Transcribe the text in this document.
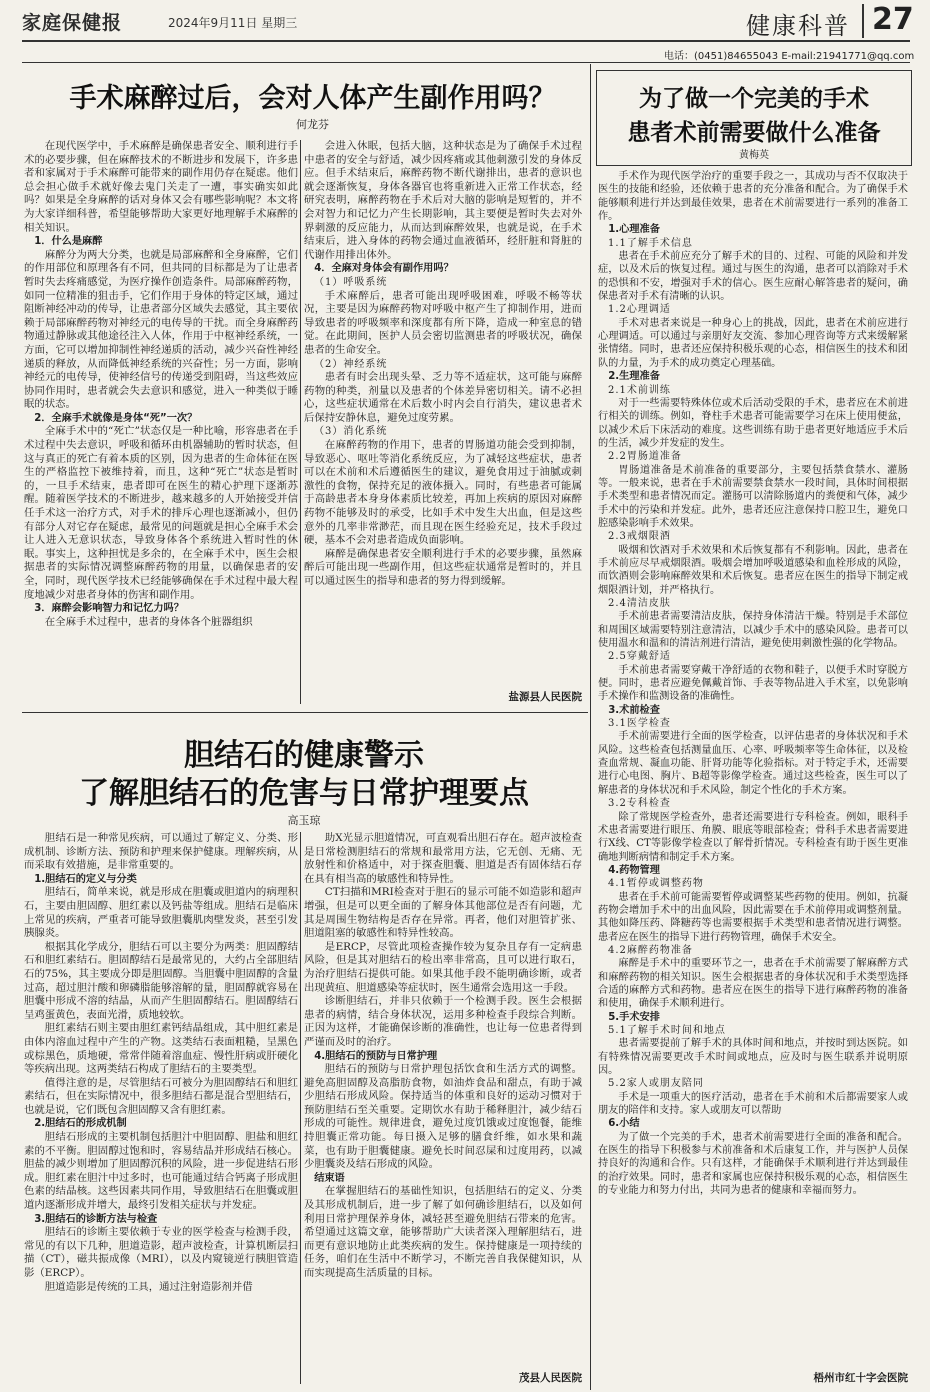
家庭保健报	2024年9月11日 星期三	健康科普 27
电话：(0451)84655043 E-mail:21941771@qq.com
手术麻醉过后，会对人体产生副作用吗？
何龙芬

在现代医学中，手术麻醉是确保患者安全、顺利进行手术的必要步骤，但在麻醉技术的不断进步和发展下，许多患者和家属对于手术麻醉可能带来的副作用仍存在疑虑。他们总会担心做手术就好像去鬼门关走了一遭，事实确实如此吗？如果是全身麻醉的话对身体又会有哪些影响呢？本文将为大家详细科普，希望能够帮助大家更好地理解手术麻醉的相关知识。

1．什么是麻醉

麻醉分为两大分类，也就是局部麻醉和全身麻醉，它们的作用部位和原理各有不同，但共同的目标都是为了让患者暂时失去疼痛感觉，为医疗操作创造条件。局部麻醉药物，如同一位精准的狙击手，它们作用于身体的特定区域，通过阻断神经冲动的传导，让患者部分区域失去感觉，其主要依赖于局部麻醉药物对神经元的电传导的干扰。而全身麻醉药物通过静脉或其他途径注入人体，作用于中枢神经系统，一方面，它可以增加抑制性神经递质的活动，减少兴奋性神经递质的释放，从而降低神经系统的兴奋性；另一方面，影响神经元的电传导，使神经信号的传递受到阻碍，当这些效应协同作用时，患者就会失去意识和感觉，进入一种类似于睡眠的状态。

2．全麻手术就像是身体“死”一次？

全麻手术中的“死亡”状态仅是一种比喻，形容患者在手术过程中失去意识，呼吸和循环由机器辅助的暂时状态，但这与真正的死亡有着本质的区别，因为患者的生命体征在医生的严格监控下被维持着，而且，这种“死亡”状态是暂时的，一旦手术结束，患者即可在医生的精心护理下逐渐苏醒。随着医学技术的不断进步，越来越多的人开始接受并信任手术这一治疗方式，对手术的排斥心理也逐渐减小，但仍有部分人对它存在疑虑，最常见的问题就是担心全麻手术会让人进入无意识状态，导致身体各个系统进入暂时性的休眠。事实上，这种担忧是多余的，在全麻手术中，医生会根据患者的实际情况调整麻醉药物的用量，以确保患者的安全，同时，现代医学技术已经能够确保在手术过程中最大程度地减少对患者身体的伤害和副作用。

3．麻醉会影响智力和记忆力吗？

在全麻手术过程中，患者的身体各个脏器组织

会进入休眠，包括大脑，这种状态是为了确保手术过程中患者的安全与舒适，减少因疼痛或其他刺激引发的身体反应。但手术结束后，麻醉药物不断代谢排出，患者的意识也就会逐渐恢复，身体各器官也将重新进入正常工作状态，经研究表明，麻醉药物在手术后对大脑的影响是短暂的，并不会对智力和记忆力产生长期影响，其主要便是暂时失去对外界刺激的反应能力，从而达到麻醉效果，也就是说，在手术结束后，进入身体的药物会通过血液循环，经肝脏和肾脏的代谢作用排出体外。

4．全麻对身体会有副作用吗？

（1）呼吸系统

手术麻醉后，患者可能出现呼吸困难，呼吸不畅等状况，主要是因为麻醉药物对呼吸中枢产生了抑制作用，进而导致患者的呼吸频率和深度都有所下降，造成一种室息的错觉。在此期间，医护人员会密切监测患者的呼吸状况，确保患者的生命安全。

（2）神经系统

患者有时会出现头晕、乏力等不适症状，这可能与麻醉药物的种类，剂量以及患者的个体差异密切相关。请不必担心，这些症状通常在术后数小时内会自行消失，建议患者术后保持安静休息，避免过度劳累。

（3）消化系统

在麻醉药物的作用下，患者的胃肠道功能会受到抑制，导致恶心、呕吐等消化系统反应，为了减轻这些症状，患者可以在术前和术后遵循医生的建议，避免食用过于油腻或刺激性的食物，保持充足的液体摄入。同时，有些患者可能属于高龄患者本身身体素质比较差，再加上疾病的原因对麻醉药物不能够及时的承受，比如手术中发生大出血，但是这些意外的几率非常渺茫，而且现在医生经验充足，技术手段过硬，基本不会对患者造成负面影响。

麻醉是确保患者安全顺利进行手术的必要步骤，虽然麻醉后可能出现一些副作用，但这些症状通常是暂时的，并且可以通过医生的指导和患者的努力得到缓解。

盐源县人民医院
胆结石的健康警示
了解胆结石的危害与日常护理要点
高玉琼

胆结石是一种常见疾病，可以通过了解定义、分类、形成机制、诊断方法、预防和护理来保护健康。理解疾病，从而采取有效措施，是非常重要的。

1.胆结石的定义与分类

胆结石，简单来说，就是形成在胆囊或胆道内的病理积石，主要由胆固醇、胆红素以及钙盐等组成。胆结石是临床上常见的疾病，严重者可能导致胆囊肌肉壁发炎，甚至引发胰腺炎。

根据其化学成分，胆结石可以主要分为两类：胆固醇结石和胆红素结石。胆固醇结石是最常见的，大约占全部胆结石的75%，其主要成分即是胆固醇。当胆囊中胆固醇的含量过高，超过胆汁酸和卵磷脂能够溶解的量，胆固醇就容易在胆囊中形成不溶的结晶，从而产生胆固醇结石。胆固醇结石呈鸡蛋黄色，表面光滑，质地较软。

胆红素结石则主要由胆红素钙结晶组成，其中胆红素是由体内溶血过程中产生的产物。这类结石表面粗糙，呈黑色或棕黑色，质地硬，常常伴随着溶血症、慢性肝病或肝硬化等疾病出现。这两类结石构成了胆结石的主要类型。

值得注意的是，尽管胆结石可被分为胆固醇结石和胆红素结石，但在实际情况中，很多胆结石都是混合型胆结石，也就是说，它们既包含胆固醇又含有胆红素。

2.胆结石的形成机制

胆结石形成的主要机制包括胆汁中胆固醇、胆盐和胆红素的不平衡。胆固醇过饱和时，容易结晶并形成结石核心。胆盐的减少则增加了胆固醇沉积的风险，进一步促进结石形成。胆红素在胆汁中过多时，也可能通过结合钙离子形成胆色素的结晶核。这些因素共同作用，导致胆结石在胆囊或胆道内逐渐形成并增大，最终引发相关症状与并发症。

3.胆结石的诊断方法与检查

胆结石的诊断主要依赖于专业的医学检查与检测手段，常见的有以下几种，胆道造影，超声波检查，计算机断层扫描（CT），磁共振成像（MRI），以及内窥镜逆行胰胆管造影（ERCP）。

胆道造影是传统的工具，通过注射造影剂并借

助X光显示胆道情况，可直观看出胆石存在。超声波检查是日常检测胆结石的常规和最常用方法，它无创、无痛、无放射性和价格适中，对于探查胆囊、胆道是否有固体结石存在具有相当高的敏感性和特异性。

CT扫描和MRI检查对于胆石的显示可能不如造影和超声增强，但是可以更全面的了解身体其他部位是否有问题，尤其是周围生物结构是否存在异常。再者，他们对胆管扩张、胆道阻塞的敏感性和特异性较高。

是ERCP，尽管此项检查操作较为复杂且存有一定病患风险，但是其对胆结石的检出率非常高，且可以进行取石，为治疗胆结石提供可能。如果其他手段不能明确诊断，或者出现黄疸、胆道感染等症状时，医生通常会选用这一手段。

诊断胆结石，并非只依赖于一个检测手段。医生会根据患者的病情，结合身体状况，运用多种检查手段综合判断。正因为这样，才能确保诊断的准确性，也让每一位患者得到严谨而及时的治疗。

4.胆结石的预防与日常护理

胆结石的预防与日常护理包括饮食和生活方式的调整。避免高胆固醇及高脂肪食物，如油炸食品和甜点，有助于减少胆结石形成风险。保持适当的体重和良好的运动习惯对于预防胆结石至关重要。定期饮水有助于稀释胆汁，减少结石形成的可能性。规律进食，避免过度饥饿或过度饱餐，能维持胆囊正常功能。每日摄入足够的膳食纤维，如水果和蔬菜，也有助于胆囊健康。避免长时间忍屎和过度用药，以减少胆囊炎及结石形成的风险。

结束语

在掌握胆结石的基础性知识，包括胆结石的定义、分类及其形成机制后，进一步了解了如何确诊胆结石，以及如何利用日常护理保养身体，减轻甚至避免胆结石带来的危害。希望通过这篇文章，能够帮助广大读者深入理解胆结石，进而更有意识地防止此类疾病的发生。保持健康是一项持续的任务，咱们在生活中不断学习，不断完善自我保健知识，从而实现提高生活质量的目标。

茂县人民医院
为了做一个完美的手术
患者术前需要做什么准备
黄梅英

手术作为现代医学治疗的重要手段之一，其成功与否不仅取决于医生的技能和经验，还依赖于患者的充分准备和配合。为了确保手术能够顺利进行并达到最佳效果，患者在术前需要进行一系列的准备工作。

1.心理准备

1.1了解手术信息

患者在手术前应充分了解手术的目的、过程、可能的风险和并发症，以及术后的恢复过程。通过与医生的沟通，患者可以消除对手术的恐惧和不安，增强对手术的信心。医生应耐心解答患者的疑问，确保患者对手术有清晰的认识。

1.2心理调适

手术对患者来说是一种身心上的挑战，因此，患者在术前应进行心理调适。可以通过与亲朋好友交流、参加心理咨询等方式来缓解紧张情绪。同时，患者还应保持积极乐观的心态，相信医生的技术和团队的力量，为手术的成功奠定心理基础。

2.生理准备

2.1术前训练

对于一些需要特殊体位或术后活动受限的手术，患者应在术前进行相关的训练。例如，脊柱手术患者可能需要学习在床上使用便盆，以减少术后下床活动的难度。这些训练有助于患者更好地适应手术后的生活，减少并发症的发生。

2.2胃肠道准备

胃肠道准备是术前准备的重要部分，主要包括禁食禁水、灌肠等。一般来说，患者在手术前需要禁食禁水一段时间，具体时间根据手术类型和患者情况而定。灌肠可以清除肠道内的粪便和气体，减少手术中的污染和并发症。此外，患者还应注意保持口腔卫生，避免口腔感染影响手术效果。

2.3戒烟限酒

吸烟和饮酒对手术效果和术后恢复都有不利影响。因此，患者在手术前应尽早戒烟限酒。吸烟会增加呼吸道感染和血栓形成的风险，而饮酒则会影响麻醉效果和术后恢复。患者应在医生的指导下制定戒烟限酒计划，并严格执行。

2.4清洁皮肤

手术前患者需要清洁皮肤，保持身体清洁干燥。特别是手术部位和周围区域需要特别注意清洁，以减少手术中的感染风险。患者可以使用温水和温和的清洁剂进行清洁，避免使用刺激性强的化学物品。

2.5穿戴舒适

手术前患者需要穿戴干净舒适的衣物和鞋子，以便手术时穿脱方便。同时，患者应避免佩戴首饰、手表等物品进入手术室，以免影响手术操作和监测设备的准确性。

3.术前检查

3.1医学检查

手术前需要进行全面的医学检查，以评估患者的身体状况和手术风险。这些检查包括测量血压、心率、呼吸频率等生命体征，以及检查血常规、凝血功能、肝肾功能等化验指标。对于特定手术，还需要进行心电图、胸片、B超等影像学检查。通过这些检查，医生可以了解患者的身体状况和手术风险，制定个性化的手术方案。

3.2专科检查

除了常规医学检查外，患者还需要进行专科检查。例如，眼科手术患者需要进行眼压、角膜、眼底等眼部检查；骨科手术患者需要进行X线、CT等影像学检查以了解骨折情况。专科检查有助于医生更准确地判断病情和制定手术方案。

4.药物管理

4.1暂停或调整药物

患者在手术前可能需要暂停或调整某些药物的使用。例如，抗凝药物会增加手术中的出血风险，因此需要在手术前停用或调整剂量。其他如降压药、降糖药等也需要根据手术类型和患者情况进行调整。患者应在医生的指导下进行药物管理，确保手术安全。

4.2麻醉药物准备

麻醉是手术中的重要环节之一，患者在手术前需要了解麻醉方式和麻醉药物的相关知识。医生会根据患者的身体状况和手术类型选择合适的麻醉方式和药物。患者应在医生的指导下进行麻醉药物的准备和使用，确保手术顺利进行。

5.手术安排

5.1了解手术时间和地点

患者需要提前了解手术的具体时间和地点，并按时到达医院。如有特殊情况需要更改手术时间或地点，应及时与医生联系并说明原因。

5.2家人或朋友陪同

手术是一项重大的医疗活动，患者在手术前和术后都需要家人或朋友的陪伴和支持。家人或朋友可以帮助

6.小结

为了做一个完美的手术，患者术前需要进行全面的准备和配合。在医生的指导下积极参与术前准备和术后康复工作，并与医护人员保持良好的沟通和合作。只有这样，才能确保手术顺利进行并达到最佳的治疗效果。同时，患者和家属也应保持积极乐观的心态，相信医生的专业能力和努力付出，共同为患者的健康和幸福而努力。

梧州市红十字会医院
